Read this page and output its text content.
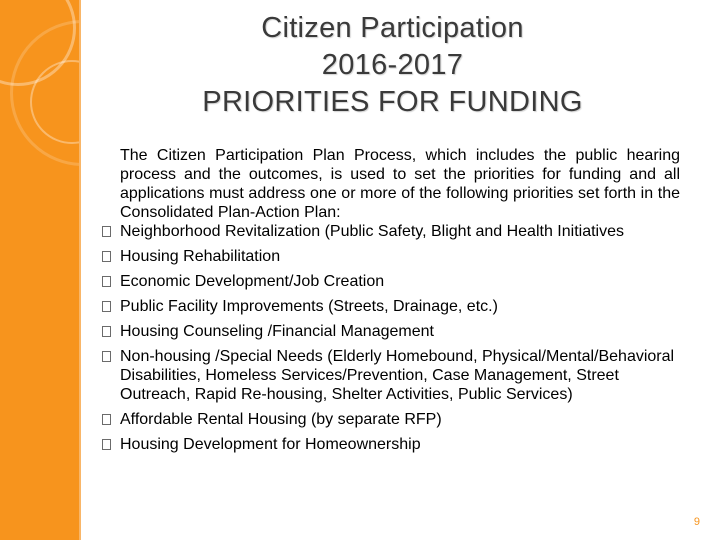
Citizen Participation
2016-2017
PRIORITIES FOR FUNDING
The Citizen Participation Plan Process, which includes the public hearing process and the outcomes, is used to set the priorities for funding and all applications must address one or more of the following priorities set forth in the Consolidated Plan-Action Plan:
Neighborhood Revitalization (Public Safety, Blight and Health Initiatives
Housing Rehabilitation
Economic Development/Job Creation
Public Facility Improvements (Streets, Drainage, etc.)
Housing Counseling /Financial Management
Non-housing /Special Needs (Elderly Homebound, Physical/Mental/Behavioral Disabilities, Homeless Services/Prevention, Case Management, Street Outreach, Rapid Re-housing, Shelter Activities, Public Services)
Affordable Rental Housing (by separate RFP)
Housing Development for Homeownership
9
